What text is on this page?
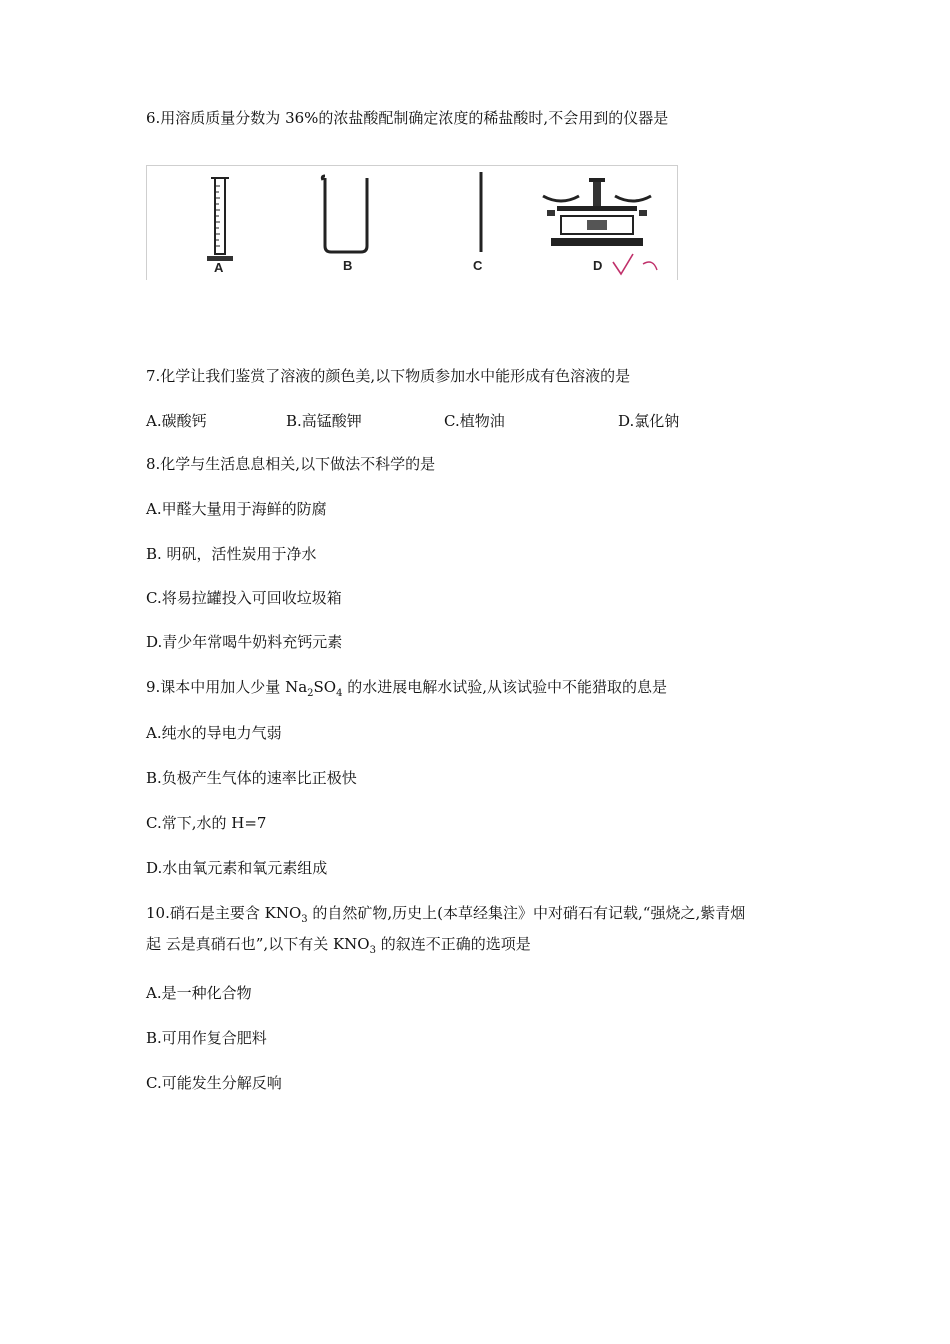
6.用溶质质量分数为 36%的浓盐酸配制确定浓度的稀盐酸时,不会用到的仪器是
A	B	C	D
7.化学让我们鉴赏了溶液的颜色美,以下物质参加水中能形成有色溶液的是
A.碳酸钙	B.高锰酸钾	C.植物油	D.氯化钠
8.化学与生活息息相关,以下做法不科学的是
A.甲醛大量用于海鲜的防腐
B. 明矾，活性炭用于净水
C.将易拉罐投入可回收垃圾箱
D.青少年常喝牛奶料充钙元素
9.课本中用加人少量 $Na_2SO_4$ 的水进展电解水试验,从该试验中不能猎取的息是
A.纯水的导电力气弱
B.负极产生气体的速率比正极快
C.常下,水的 H=7
D.水由氧元素和氧元素组成
10.硝石是主要含 $KNO_3$ 的自然矿物,历史上(本草经集注》中对硝石有记载,“强烧之,紫青烟
起 云是真硝石也”,以下有关 $KNO_3$ 的叙连不正确的选项是
A.是一种化合物
B.可用作复合肥料
C.可能发生分解反响
